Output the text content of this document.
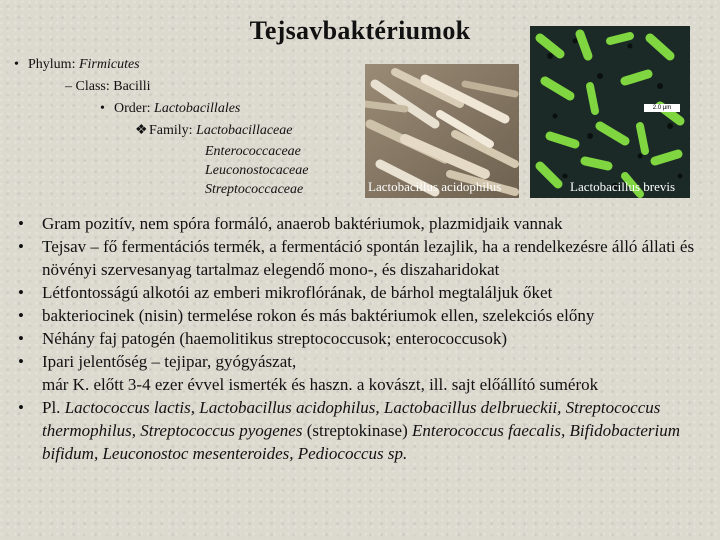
Tejsavbaktériumok
• Phylum: Firmicutes
– Class: Bacilli
• Order: Lactobacillales
❖Family: Lactobacillaceae
Enterococcaceae
Leuconostocaceae
Streptococcaceae	Lactobacillus acidophilus
2.0 µm
Lactobacillus brevis
• Gram pozitív, nem spóra formáló, anaerob baktériumok, plazmidjaik vannak
• Tejsav – fő fermentációs termék, a fermentáció spontán lezajlik, ha a rendelkezésre álló állati és növényi szervesanyag tartalmaz elegendő mono-, és diszaharidokat
• Létfontosságú alkotói az emberi mikroflórának, de bárhol megtaláljuk őket
• bakteriocinek (nisin) termelése rokon és más baktériumok ellen, szelekciós előny
• Néhány faj patogén (haemolitikus streptococcusok; enterococcusok)
• Ipari jelentőség – tejipar, gyógyászat,
már K. előtt 3-4 ezer évvel ismerték és haszn. a kovászt, ill. sajt előállító sumérok
• Pl. Lactococcus lactis, Lactobacillus acidophilus, Lactobacillus delbrueckii, Streptococcus thermophilus, Streptococcus pyogenes (streptokinase) Enterococcus faecalis, Bifidobacterium bifidum, Leuconostoc mesenteroides, Pediococcus sp.
